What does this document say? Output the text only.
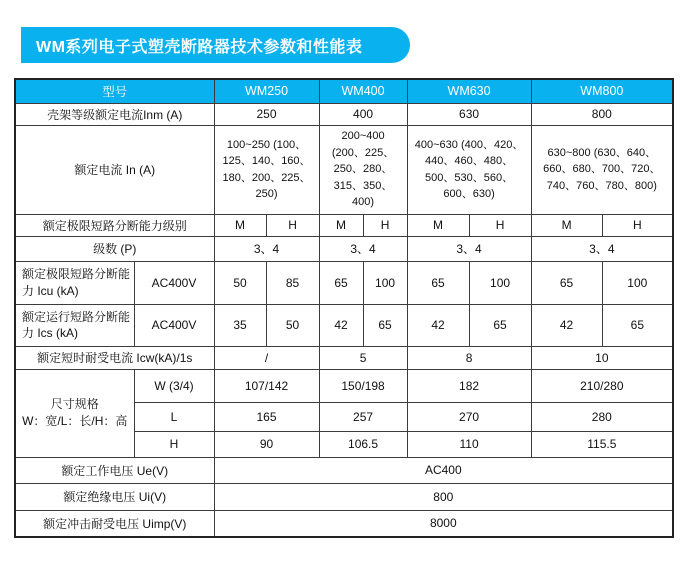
WM系列电子式塑壳断路器技术参数和性能表
型号		WM250		WM400		WM630		WM800	
壳架等级额定电流Inm (A)		250		400		630		800	
额定电流 In (A)		100~250 (100、125、140、160、180、200、225、250)		200~400 (200、225、250、280、315、350、400)		400~630 (400、420、440、460、480、500、530、560、600、630)		630~800 (630、640、660、680、700、720、740、760、780、800)	
额定极限短路分断能力级别		M	H	M	H	M	H	M	H
级数 (P)		3、4		3、4		3、4		3、4	
额定极限短路分断能力 Icu (kA)	AC400V	50	85	65	100	65	100	65	100
额定运行短路分断能力 Ics (kA)	AC400V	35	50	42	65	42	65	42	65
额定短时耐受电流 Icw(kA)/1s		/		5		8		10	

尺寸规格
W：宽/L：长/H：高	W (3/4)	107/142		150/198		182		210/280	
	L	165		257		270		280	
	H	90		106.5		110		115.5	
额定工作电压 Ue(V)		AC400							
额定绝缘电压 Ui(V)		800							
额定冲击耐受电压 Uimp(V)		8000							
